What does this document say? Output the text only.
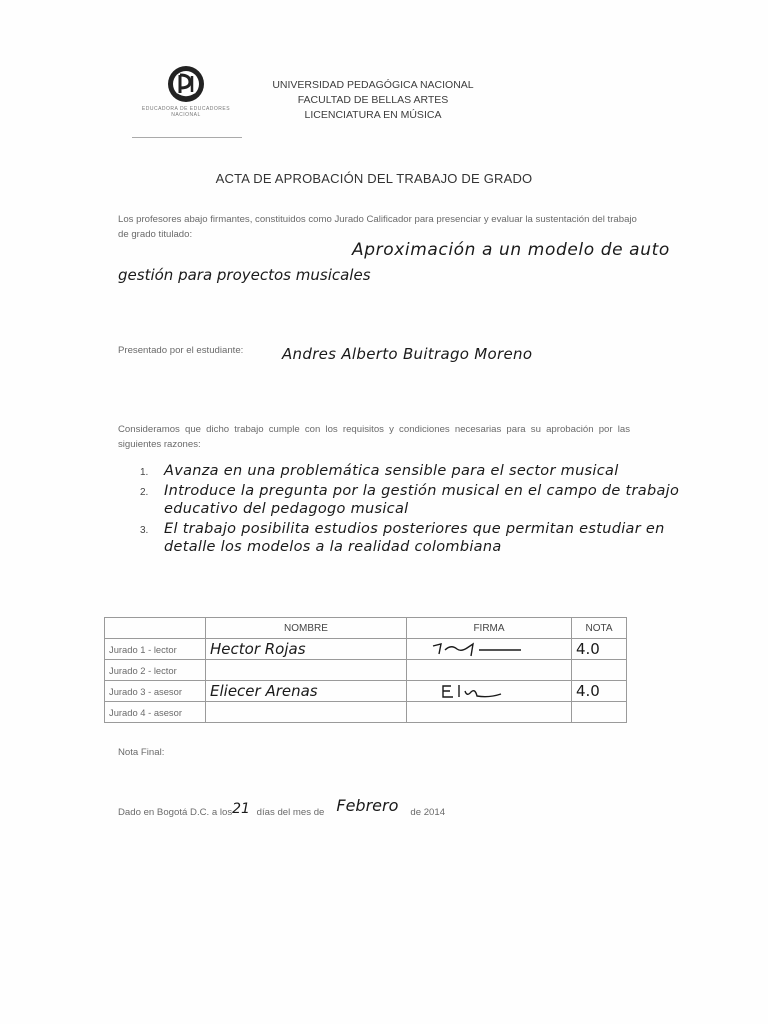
EDUCADORA DE EDUCADORES
NACIONAL
UNIVERSIDAD PEDAGÓGICA NACIONAL
FACULTAD DE BELLAS ARTES
LICENCIATURA EN MÚSICA
ACTA DE APROBACIÓN DEL TRABAJO DE GRADO
Los profesores abajo firmantes, constituidos como Jurado Calificador para presenciar y evaluar la sustentación del trabajo de grado titulado:
Aproximación a un modelo de auto
gestión para proyectos musicales
Presentado por el estudiante:	Andres Alberto Buitrago Moreno
Consideramos que dicho trabajo cumple con los requisitos y condiciones necesarias para su aprobación por las siguientes razones:
1. Avanza en una problemática sensible para el sector musical
2. Introduce la pregunta por la gestión musical en el campo de trabajo educativo del pedagogo musical
3. El trabajo posibilita estudios posteriores que permitan estudiar en detalle los modelos a la realidad colombiana
	NOMBRE	FIRMA	NOTA
Jurado 1 - lector	Hector Rojas		4.0
Jurado 2 - lector			
Jurado 3 - asesor	Eliecer Arenas		4.0
Jurado 4 - asesor			
Nota Final:
Dado en Bogotá D.C. a los21 días del mes de Febrero de 2014
